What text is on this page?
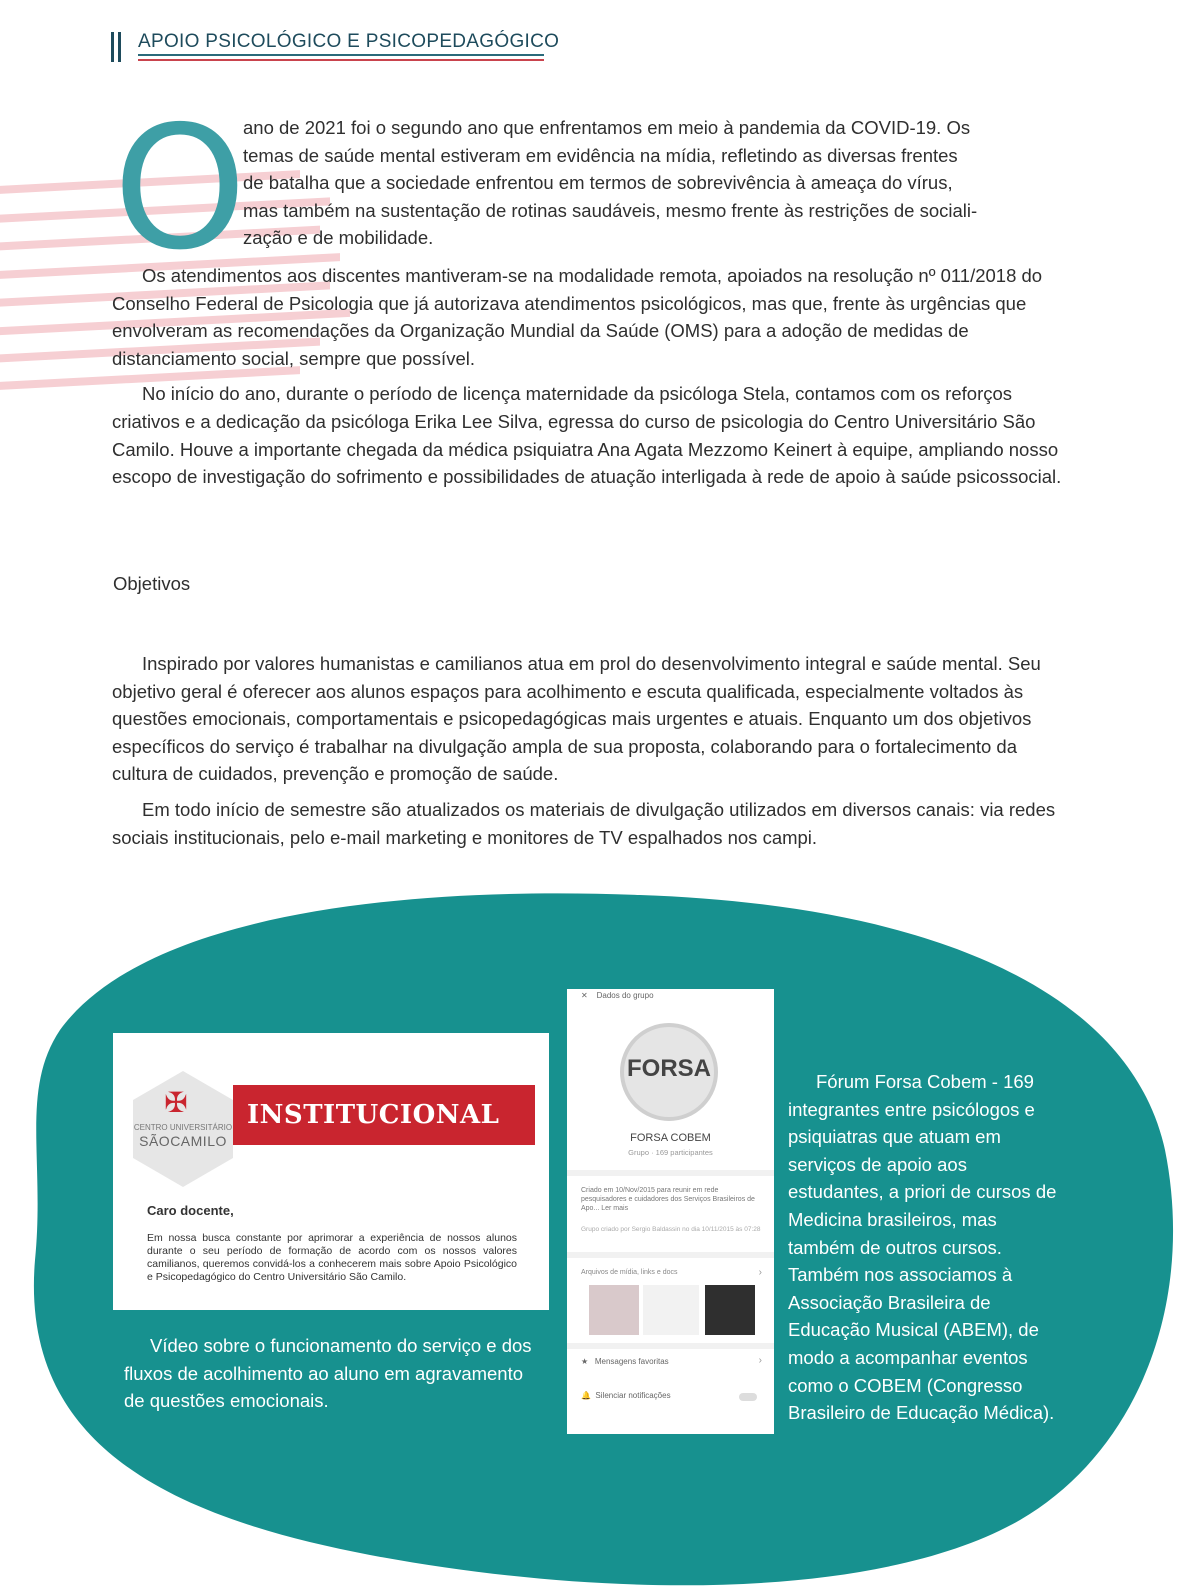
APOIO PSICOLÓGICO E PSICOPEDAGÓGICO
O
ano de 2021 foi o segundo ano que enfrentamos em meio à pandemia da COVID-19. Os
temas de saúde mental estiveram em evidência na mídia, refletindo as diversas frentes
de batalha que a sociedade enfrentou em termos de sobrevivência à ameaça do vírus,
mas também na sustentação de rotinas saudáveis, mesmo frente às restrições de sociali-
zação e de mobilidade.

Os atendimentos aos discentes mantiveram-se na modalidade remota, apoiados na resolução nº 011/2018 do Conselho Federal de Psicologia que já autorizava atendimentos psicológicos, mas que, frente às urgências que envolveram as recomendações da Organização Mundial da Saúde (OMS) para a adoção de medidas de distanciamento social, sempre que possível.

No início do ano, durante o período de licença maternidade da psicóloga Stela, contamos com os reforços criativos e a dedicação da psicóloga Erika Lee Silva, egressa do curso de psicologia do Centro Universitário São Camilo. Houve a importante chegada da médica psiquiatra Ana Agata Mezzomo Keinert à equipe, ampliando nosso escopo de investigação do sofrimento e possibilidades de atuação interligada à rede de apoio à saúde psicossocial.

Objetivos

Inspirado por valores humanistas e camilianos atua em prol do desenvolvimento integral e saúde mental. Seu objetivo geral é oferecer aos alunos espaços para acolhimento e escuta qualificada, especialmente voltados às questões emocionais, comportamentais e psicopedagógicas mais urgentes e atuais. Enquanto um dos objetivos específicos do serviço é trabalhar na divulgação ampla de sua proposta, colaborando para o fortalecimento da cultura de cuidados, prevenção e promoção de saúde.

Em todo início de semestre são atualizados os materiais de divulgação utilizados em diversos canais: via redes sociais institucionais, pelo e-mail marketing e monitores de TV espalhados nos campi.

✠
CENTRO UNIVERSITÁRIO
SÃOCAMILO
INSTITUCIONAL
Caro docente,
Em nossa busca constante por aprimorar a experiência de nossos alunos durante o seu período de formação de acordo com os nossos valores camilianos, queremos convidá-los a conhecerem mais sobre Apoio Psicológico e Psicopedagógico do Centro Universitário São Camilo.
Vídeo sobre o funcionamento do serviço e dos fluxos de acolhimento ao aluno em agravamento de questões emocionais.
✕ Dados do grupo
FORSA
FORSA COBEM
Grupo · 169 participantes
Criado em 10/Nov/2015 para reunir em rede pesquisadores e cuidadores dos Serviços Brasileiros de Apo... Ler mais
Grupo criado por Sergio Baldassin no dia 10/11/2015 às 07:28
Arquivos de mídia, links e docs	›
★ Mensagens favoritas	›
🔔 Silenciar notificações
Fórum Forsa Cobem - 169 integrantes entre psicólogos e psiquiatras que atuam em serviços de apoio aos estudantes, a priori de cursos de Medicina brasileiros, mas também de outros cursos. Também nos associamos à Associação Brasileira de Educação Musical (ABEM), de modo a acompanhar eventos como o COBEM (Congresso Brasileiro de Educação Médica).
